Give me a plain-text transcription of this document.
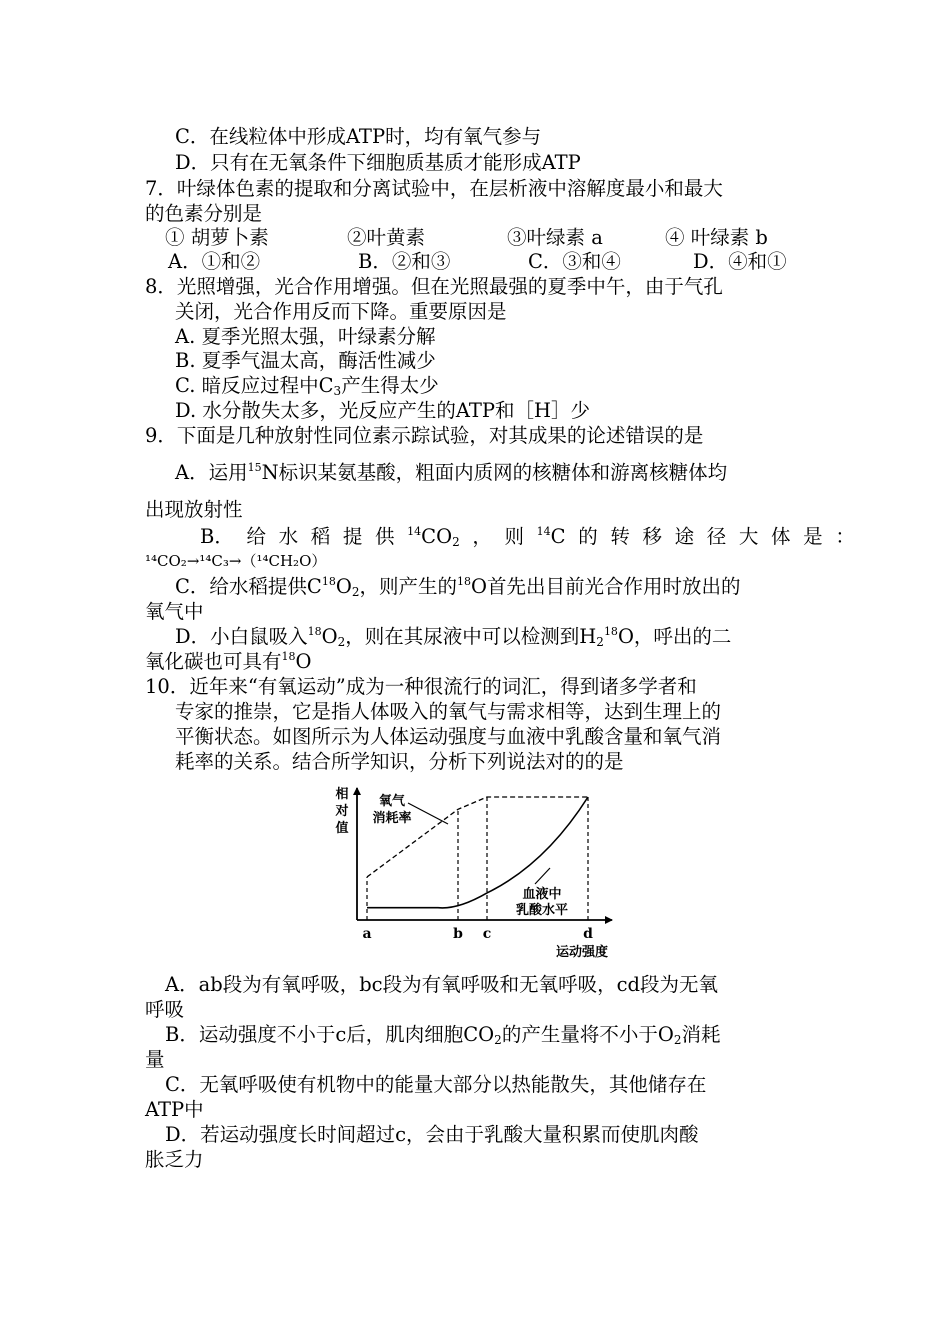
C．在线粒体中形成ATP时，均有氧气参与
D．只有在无氧条件下细胞质基质才能形成ATP
7．叶绿体色素的提取和分离试验中，在层析液中溶解度最小和最大
的色素分别是
① 胡萝卜素	②叶黄素	③叶绿素 a	④ 叶绿素 b
A．①和②	B．②和③	C．③和④	D．④和①
8．光照增强，光合作用增强。但在光照最强的夏季中午，由于气孔
关闭，光合作用反而下降。重要原因是
A. 夏季光照太强，叶绿素分解
B. 夏季气温太高，酶活性减少
C. 暗反应过程中$C_3$产生得太少
D. 水分散失太多，光反应产生的ATP和［H］少
9．下面是几种放射性同位素示踪试验，对其成果的论述错误的是
A．运用$^{15}$N标识某氨基酸，粗面内质网的核糖体和游离核糖体均
出现放射性
B． 给 水 稻 提 供 $^{14}CO_2$ ， 则 $^{14}$C 的 转 移 途 径 大 体 是 ：
¹⁴CO₂→¹⁴C₃→（¹⁴CH₂O）
C．给水稻提供$C^{18}O_2$，则产生的$^{18}$O首先出目前光合作用时放出的
氧气中
D．小白鼠吸入$^{18}O_2$，则在其尿液中可以检测到$H_2^{18}O$，呼出的二
氧化碳也可具有$^{18}$O
10．近年来“有氧运动”成为一种很流行的词汇，得到诸多学者和
专家的推崇，它是指人体吸入的氧气与需求相等，达到生理上的
平衡状态。如图所示为人体运动强度与血液中乳酸含量和氧气消
耗率的关系。结合所学知识，分析下列说法对的的是
相
对
值
运动强度
a	b c	d
氧气
消耗率
血液中
乳酸水平
A．ab段为有氧呼吸，bc段为有氧呼吸和无氧呼吸，cd段为无氧
呼吸
B．运动强度不小于c后，肌肉细胞$CO_2$的产生量将不小于$O_2$消耗
量
C．无氧呼吸使有机物中的能量大部分以热能散失，其他储存在
ATP中
D．若运动强度长时间超过c，会由于乳酸大量积累而使肌肉酸
胀乏力
